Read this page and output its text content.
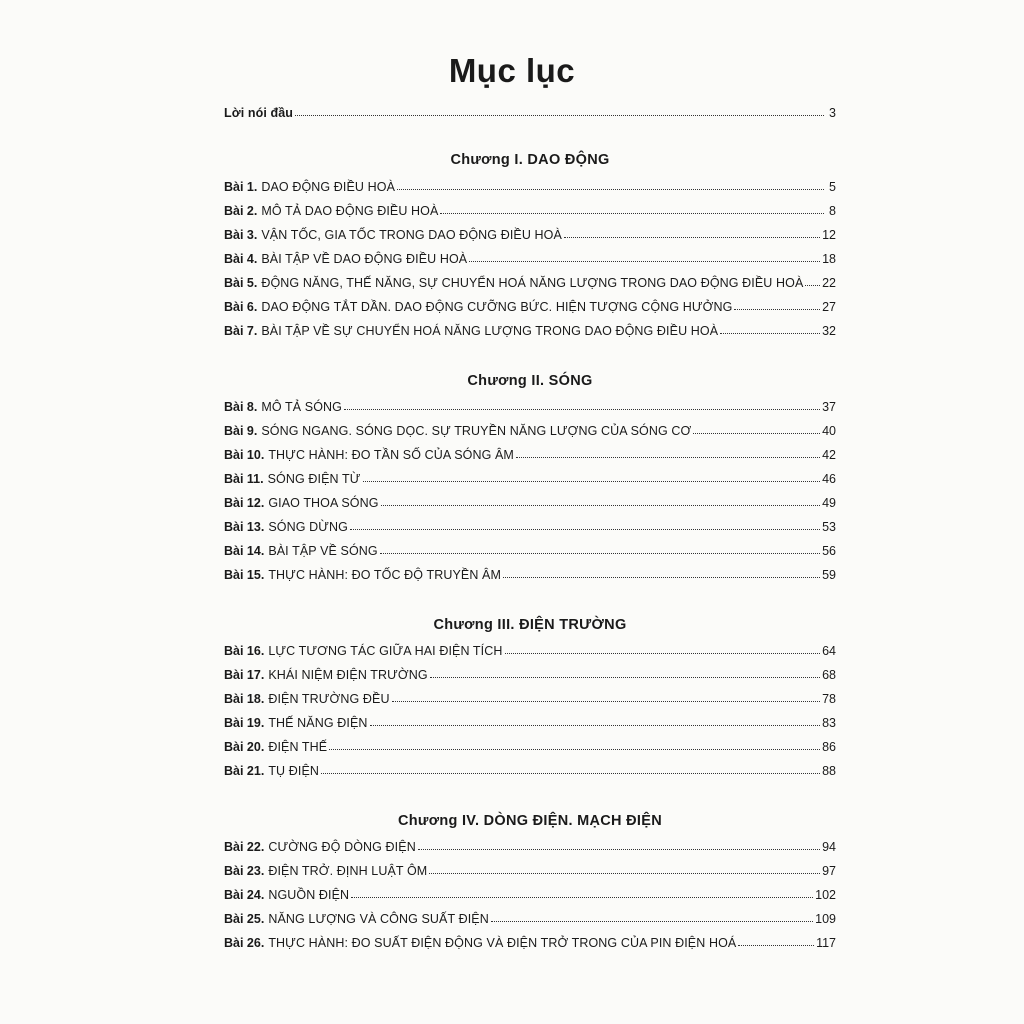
Mục lục
Lời nói đầu	3
Chương I. DAO ĐỘNG
Bài 1. DAO ĐỘNG ĐIỀU HOÀ	5
Bài 2. MÔ TẢ DAO ĐỘNG ĐIỀU HOÀ	8
Bài 3. VẬN TỐC, GIA TỐC TRONG DAO ĐỘNG ĐIỀU HOÀ	12
Bài 4. BÀI TẬP VỀ DAO ĐỘNG ĐIỀU HOÀ	18
Bài 5. ĐỘNG NĂNG, THẾ NĂNG, SỰ CHUYỂN HOÁ NĂNG LƯỢNG TRONG DAO ĐỘNG ĐIỀU HOÀ 22
Bài 6. DAO ĐỘNG TẮT DẦN. DAO ĐỘNG CƯỠNG BỨC. HIỆN TƯỢNG CỘNG HƯỞNG	27
Bài 7. BÀI TẬP VỀ SỰ CHUYỂN HOÁ NĂNG LƯỢNG TRONG DAO ĐỘNG ĐIỀU HOÀ	32
Chương II. SÓNG
Bài 8. MÔ TẢ SÓNG	37
Bài 9. SÓNG NGANG. SÓNG DỌC. SỰ TRUYỀN NĂNG LƯỢNG CỦA SÓNG CƠ	40
Bài 10. THỰC HÀNH: ĐO TẦN SỐ CỦA SÓNG ÂM	42
Bài 11. SÓNG ĐIỆN TỪ	46
Bài 12. GIAO THOA SÓNG	49
Bài 13. SÓNG DỪNG	53
Bài 14. BÀI TẬP VỀ SÓNG	56
Bài 15. THỰC HÀNH: ĐO TỐC ĐỘ TRUYỀN ÂM	59
Chương III. ĐIỆN TRƯỜNG
Bài 16. LỰC TƯƠNG TÁC GIỮA HAI ĐIỆN TÍCH	64
Bài 17. KHÁI NIỆM ĐIỆN TRƯỜNG	68
Bài 18. ĐIỆN TRƯỜNG ĐỀU	78
Bài 19. THẾ NĂNG ĐIỆN	83
Bài 20. ĐIỆN THẾ	86
Bài 21. TỤ ĐIỆN	88
Chương IV. DÒNG ĐIỆN. MẠCH ĐIỆN
Bài 22. CƯỜNG ĐỘ DÒNG ĐIỆN	94
Bài 23. ĐIỆN TRỞ. ĐỊNH LUẬT ÔM	97
Bài 24. NGUỒN ĐIỆN	102
Bài 25. NĂNG LƯỢNG VÀ CÔNG SUẤT ĐIỆN	109
Bài 26. THỰC HÀNH: ĐO SUẤT ĐIỆN ĐỘNG VÀ ĐIỆN TRỞ TRONG CỦA PIN ĐIỆN HOÁ	117
